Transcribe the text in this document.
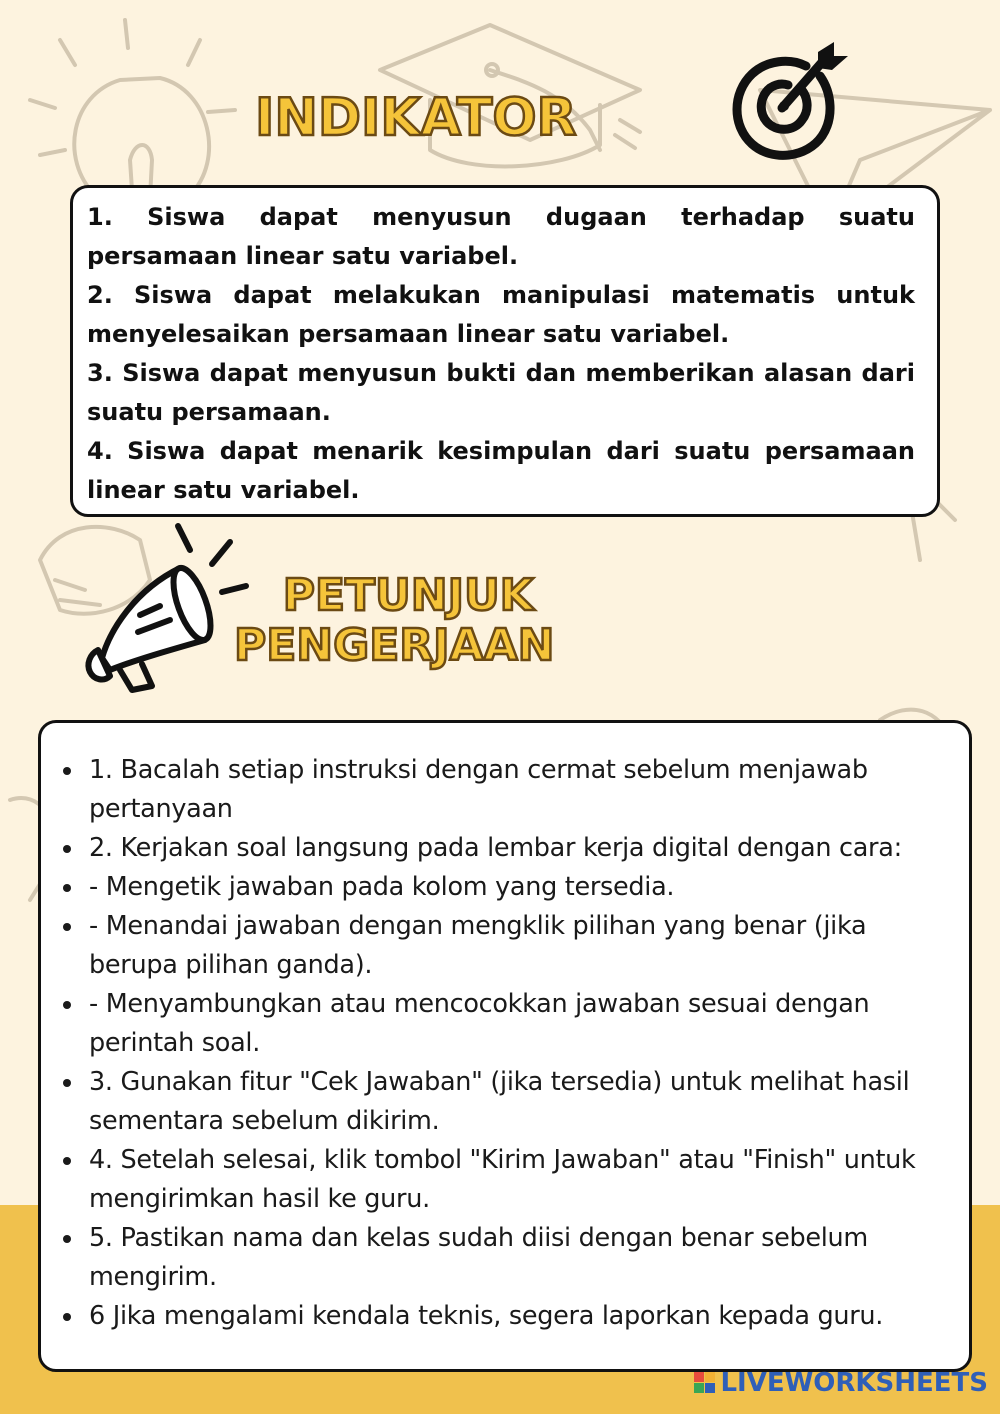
INDIKATOR
1. Siswa dapat menyusun dugaan terhadap suatu persamaan linear satu variabel.
2. Siswa dapat melakukan manipulasi matematis untuk menyelesaikan persamaan linear satu variabel.
3. Siswa dapat menyusun bukti dan memberikan alasan dari suatu persamaan.
4. Siswa dapat menarik kesimpulan dari suatu persamaan linear satu variabel.
PETUNJUK
PENGERJAAN
1. Bacalah setiap instruksi dengan cermat sebelum menjawab pertanyaan
2. Kerjakan soal langsung pada lembar kerja digital dengan cara:
- Mengetik jawaban pada kolom yang tersedia.
- Menandai jawaban dengan mengklik pilihan yang benar (jika berupa pilihan ganda).
- Menyambungkan atau mencocokkan jawaban sesuai dengan perintah soal.
3. Gunakan fitur "Cek Jawaban" (jika tersedia) untuk melihat hasil sementara sebelum dikirim.
4. Setelah selesai, klik tombol "Kirim Jawaban" atau "Finish" untuk mengirimkan hasil ke guru.
5. Pastikan nama dan kelas sudah diisi dengan benar sebelum mengirim.
6 Jika mengalami kendala teknis, segera laporkan kepada guru.
LIVEWORKSHEETS
